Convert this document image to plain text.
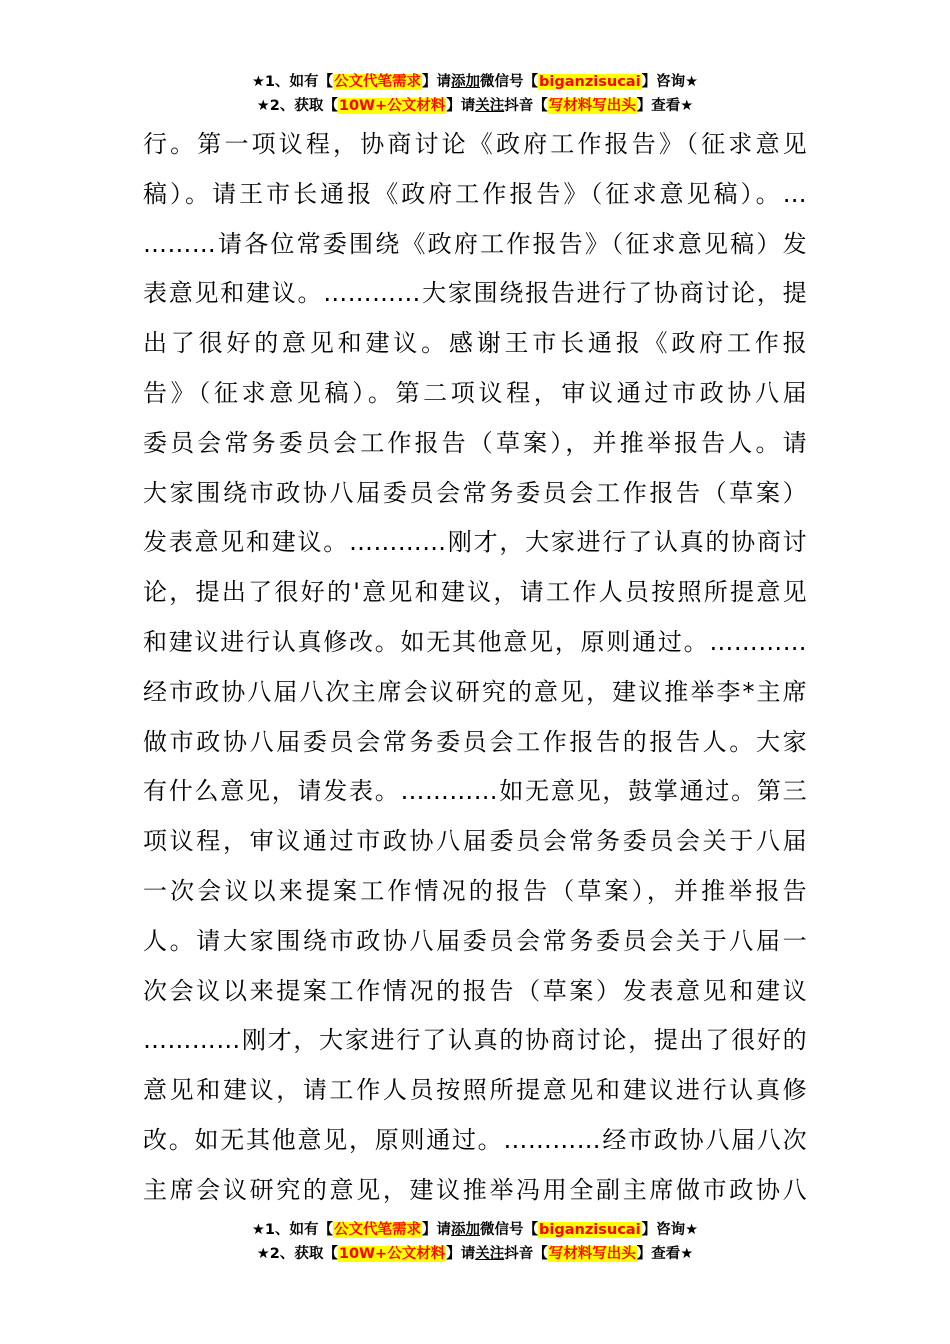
★1、如有【公文代笔需求】请添加微信号【biganzisucai】咨询★
★2、获取【10W+公文材料】请关注抖音【写材料写出头】查看★
行。第一项议程，协商讨论《政府工作报告》（征求意见
稿）。请王市长通报《政府工作报告》（征求意见稿）。…
………请各位常委围绕《政府工作报告》（征求意见稿）发
表意见和建议。…………大家围绕报告进行了协商讨论，提
出了很好的意见和建议。感谢王市长通报《政府工作报
告》（征求意见稿）。第二项议程，审议通过市政协八届
委员会常务委员会工作报告（草案），并推举报告人。请
大家围绕市政协八届委员会常务委员会工作报告（草案）
发表意见和建议。…………刚才，大家进行了认真的协商讨
论，提出了很好的'意见和建议，请工作人员按照所提意见
和建议进行认真修改。如无其他意见，原则通过。…………
经市政协八届八次主席会议研究的意见，建议推举李*主席
做市政协八届委员会常务委员会工作报告的报告人。大家
有什么意见，请发表。…………如无意见，鼓掌通过。第三
项议程，审议通过市政协八届委员会常务委员会关于八届
一次会议以来提案工作情况的报告（草案），并推举报告
人。请大家围绕市政协八届委员会常务委员会关于八届一
次会议以来提案工作情况的报告（草案）发表意见和建议
…………刚才，大家进行了认真的协商讨论，提出了很好的
意见和建议，请工作人员按照所提意见和建议进行认真修
改。如无其他意见，原则通过。…………经市政协八届八次
主席会议研究的意见，建议推举冯用全副主席做市政协八
★1、如有【公文代笔需求】请添加微信号【biganzisucai】咨询★
★2、获取【10W+公文材料】请关注抖音【写材料写出头】查看★
